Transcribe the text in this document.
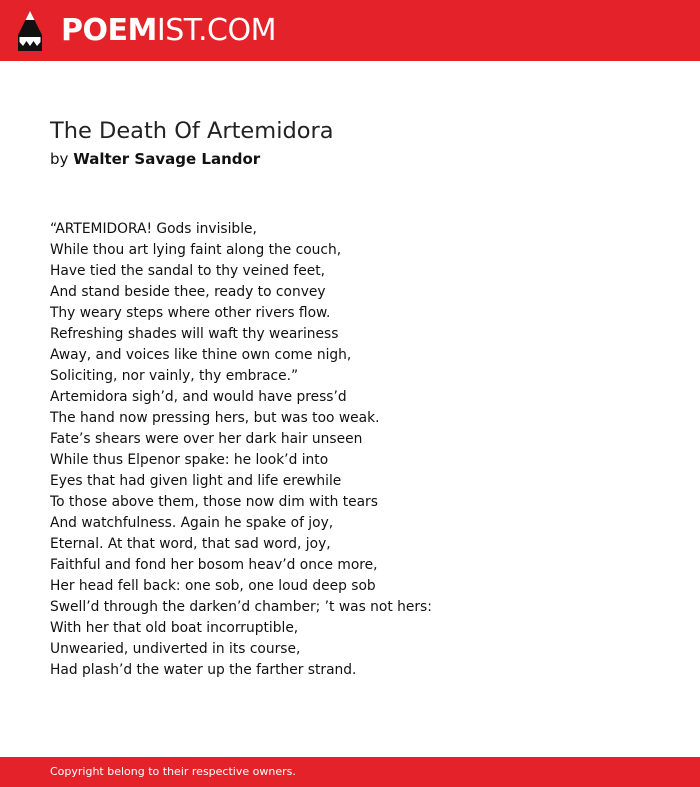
POEMIST.COM
The Death Of Artemidora
by Walter Savage Landor
“ARTEMIDORA! Gods invisible,
While thou art lying faint along the couch,
Have tied the sandal to thy veined feet,
And stand beside thee, ready to convey
Thy weary steps where other rivers flow.
Refreshing shades will waft thy weariness
Away, and voices like thine own come nigh,
Soliciting, nor vainly, thy embrace.”
Artemidora sigh’d, and would have press’d
The hand now pressing hers, but was too weak.
Fate’s shears were over her dark hair unseen
While thus Elpenor spake: he look’d into
Eyes that had given light and life erewhile
To those above them, those now dim with tears
And watchfulness. Again he spake of joy,
Eternal. At that word, that sad word, joy,
Faithful and fond her bosom heav’d once more,
Her head fell back: one sob, one loud deep sob
Swell’d through the darken’d chamber; ’t was not hers:
With her that old boat incorruptible,
Unwearied, undiverted in its course,
Had plash’d the water up the farther strand.
Copyright belong to their respective owners.
